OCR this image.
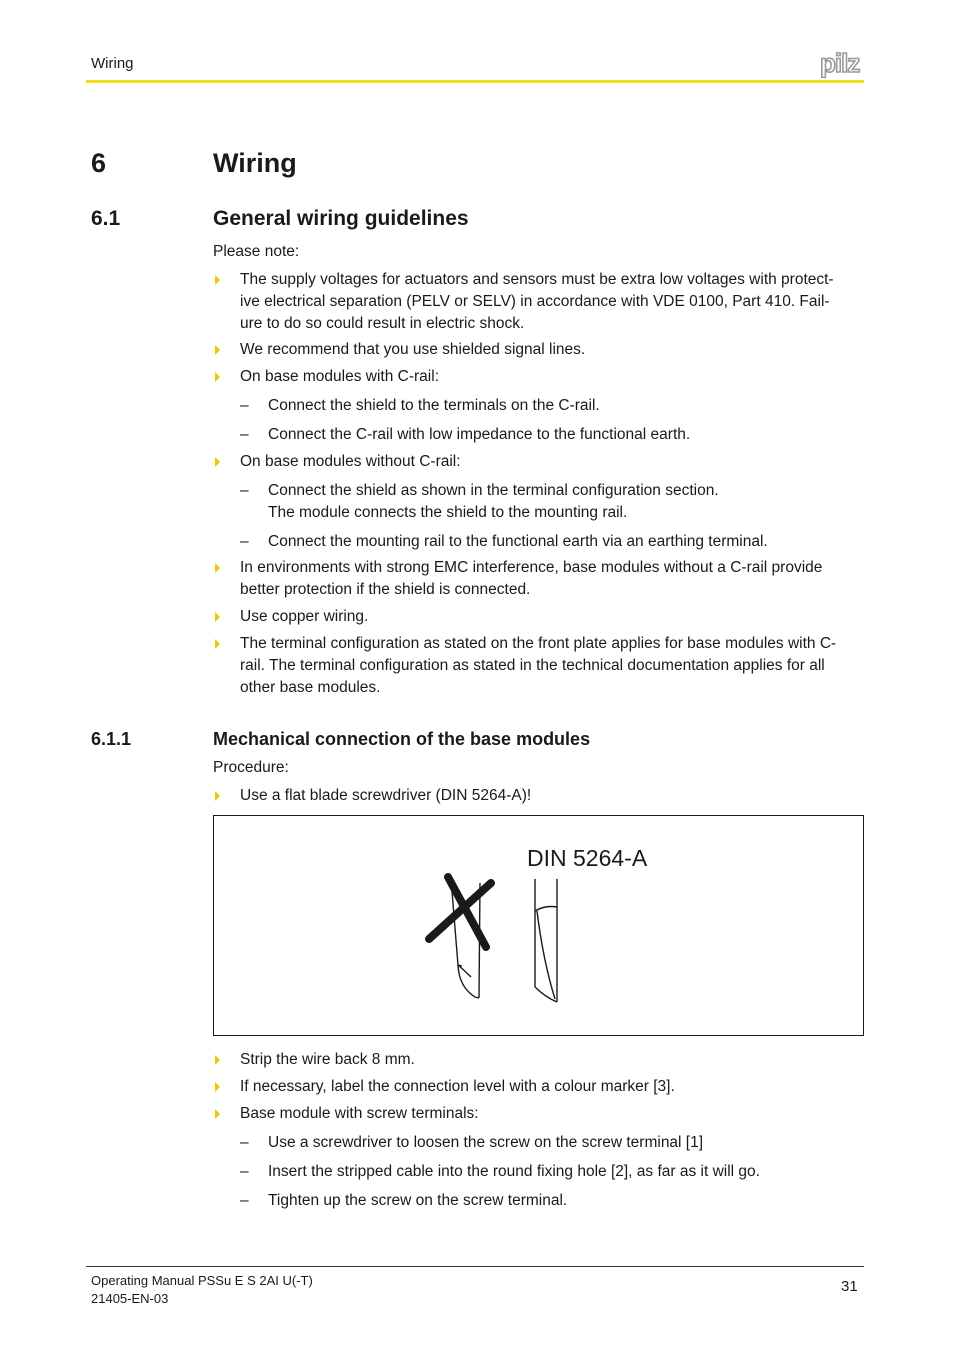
Wiring	pilz
6	Wiring
6.1	General wiring guidelines
Please note:
The supply voltages for actuators and sensors must be extra low voltages with protect-
ive electrical separation (PELV or SELV) in accordance with VDE 0100, Part 410. Fail-
ure to do so could result in electric shock.
We recommend that you use shielded signal lines.
On base modules with C-rail:
– Connect the shield to the terminals on the C-rail.
– Connect the C-rail with low impedance to the functional earth.
On base modules without C-rail:
– Connect the shield as shown in the terminal configuration section.
The module connects the shield to the mounting rail.
– Connect the mounting rail to the functional earth via an earthing terminal.
In environments with strong EMC interference, base modules without a C-rail provide
better protection if the shield is connected.
Use copper wiring.
The terminal configuration as stated on the front plate applies for base modules with C-
rail. The terminal configuration as stated in the technical documentation applies for all
other base modules.
6.1.1	Mechanical connection of the base modules
Procedure:
Use a flat blade screwdriver (DIN 5264-A)!
DIN 5264-A
Strip the wire back 8 mm.
If necessary, label the connection level with a colour marker [3].
Base module with screw terminals:
– Use a screwdriver to loosen the screw on the screw terminal [1]
– Insert the stripped cable into the round fixing hole [2], as far as it will go.
– Tighten up the screw on the screw terminal.
Operating Manual PSSu E S 2AI U(-T)
21405-EN-03
31
